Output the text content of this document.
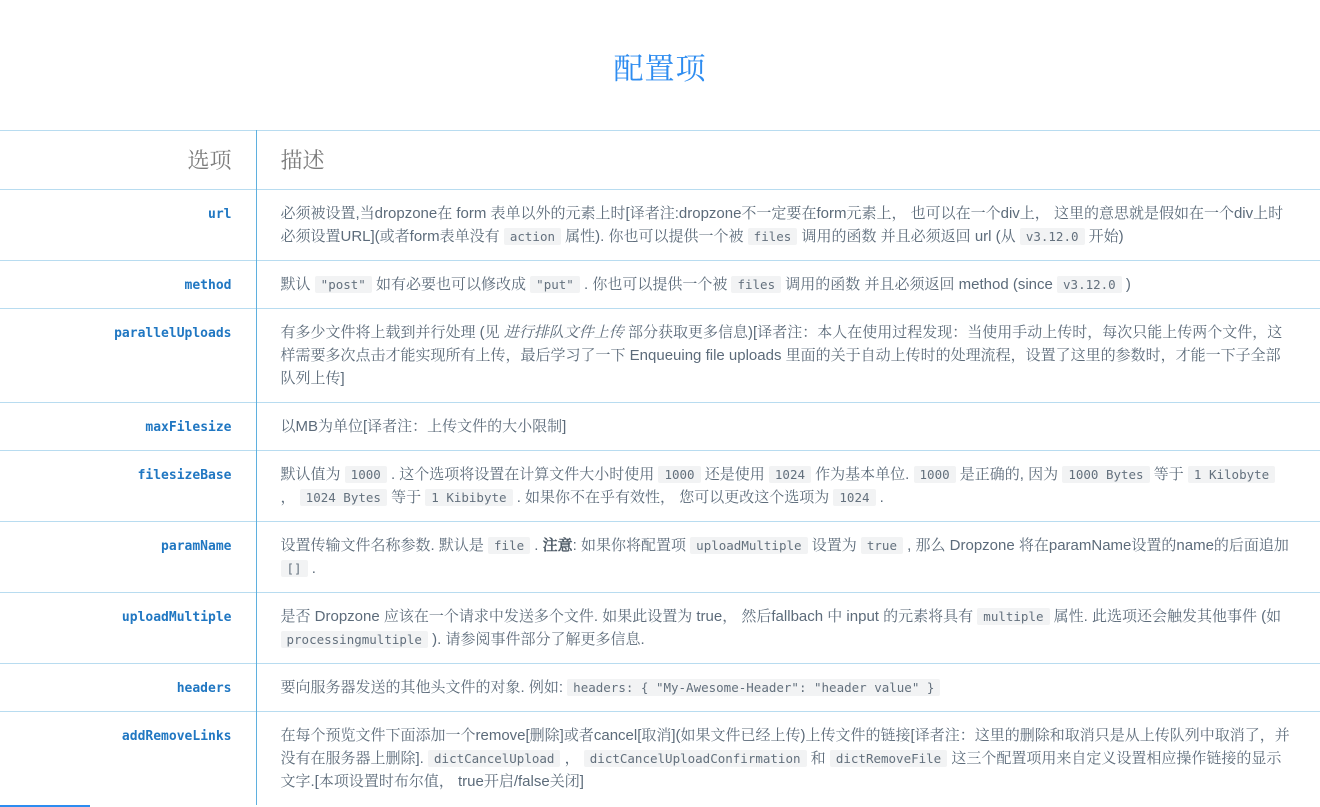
配置项
选项	描述
url	必须被设置,当dropzone在 form 表单以外的元素上时[译者注:dropzone不一定要在form元素上， 也可以在一个div上， 这里的意思就是假如在一个div上时必须设置URL](或者form表单没有 action 属性). 你也可以提供一个被 files 调用的函数 并且必须返回 url (从 v3.12.0 开始)
method	默认 "post" 如有必要也可以修改成 "put" . 你也可以提供一个被 files 调用的函数 并且必须返回 method (since v3.12.0 )
parallelUploads	有多少文件将上载到并行处理 (见 进行排队文件上传 部分获取更多信息)[译者注：本人在使用过程发现：当使用手动上传时，每次只能上传两个文件，这样需要多次点击才能实现所有上传，最后学习了一下 Enqueuing file uploads 里面的关于自动上传时的处理流程，设置了这里的参数时，才能一下子全部队列上传]
maxFilesize	以MB为单位[译者注：上传文件的大小限制]
filesizeBase	默认值为 1000 . 这个选项将设置在计算文件大小时使用 1000 还是使用 1024 作为基本单位. 1000 是正确的, 因为 1000 Bytes 等于 1 Kilobyte ， 1024 Bytes 等于 1 Kibibyte . 如果你不在乎有效性， 您可以更改这个选项为 1024 .
paramName	设置传输文件名称参数. 默认是 file . 注意: 如果你将配置项 uploadMultiple 设置为 true , 那么 Dropzone 将在paramName设置的name的后面追加 [] .
uploadMultiple	是否 Dropzone 应该在一个请求中发送多个文件. 如果此设置为 true， 然后fallbach 中 input 的元素将具有 multiple 属性. 此选项还会触发其他事件 (如 processingmultiple ). 请参阅事件部分了解更多信息.
headers	要向服务器发送的其他头文件的对象. 例如: headers: { "My-Awesome-Header": "header value" }
addRemoveLinks	在每个预览文件下面添加一个remove[删除]或者cancel[取消](如果文件已经上传)上传文件的链接[译者注：这里的删除和取消只是从上传队列中取消了，并没有在服务器上删除]. dictCancelUpload ， dictCancelUploadConfirmation 和 dictRemoveFile 这三个配置项用来自定义设置相应操作链接的显示文字.[本项设置时布尔值， true开启/false关闭]
